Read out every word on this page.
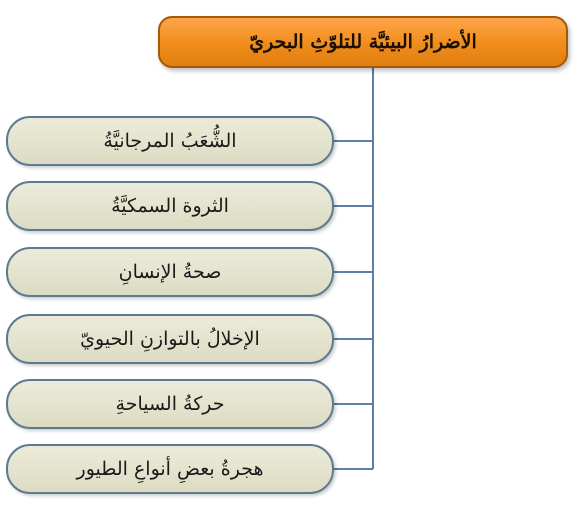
الأضرارُ البيئيَّة للتلوّثِ البحريّ
الشُّعَبُ المرجانيَّةُ
الثروة السمكيَّةُ
صحةُ الإنسانِ
الإخلالُ بالتوازنِ الحيويّ
حركةُ السياحةِ
هجرةُ بعضِ أنواعِ الطيور
